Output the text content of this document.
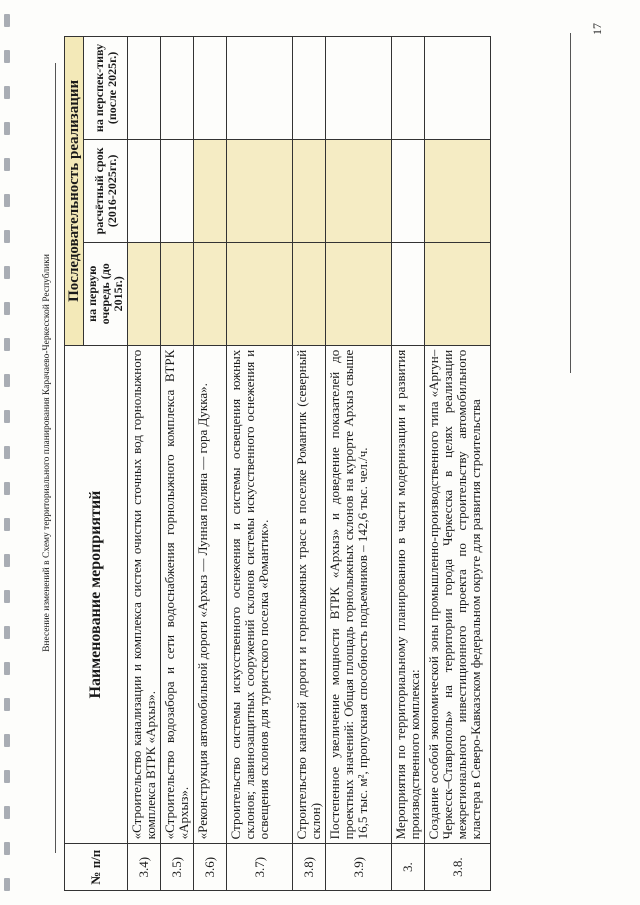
Внесение изменений в Схему территориального планирования Карачаево-Черкесской Республики
№ п/п	Наименование мероприятий	Последовательность реализации		
		на первую очередь (до 2015г.)	расчётный срок (2016-2025гг.)	на перспек-тиву (после 2025г.)
3.4)	«Строительство канализации и комплекса систем очистки сточных вод горнолыжного комплекса ВТРК «Архыз».			
3.5)	«Строительство водозабора и сети водоснабжения горнолыжного комплекса ВТРК «Архыз».			
3.6)	«Реконструкция автомобильной дороги «Архыз — Лунная поляна — гора Дукка».			
3.7)	Строительство системы искусственного оснежения и системы освещения южных склонов; лавинозащитных сооружений склонов системы искусственного оснежения и освещения склонов для туристского поселка «Романтик».			
3.8)	Строительство канатной дороги и горнолыжных трасс в поселке Романтик (северный склон)			
3.9)	Постепенное увеличение мощности ВТРК «Архыз» и доведение показателей до проектных значений: Общая площадь горнолыжных склонов на курорте Архыз свыше 16,5 тыс. м², пропускная способность подъемников – 142,6 тыс. чел./ч.			
3.	Мероприятия по территориальному планированию в части модернизации и развития производственного комплекса:			
3.8.	Создание особой экономической зоны промышленно-производственного типа «Аргун–Черкесск–Ставрополь» на территории города Черкесска в целях реализации межрегионального инвестиционного проекта по строительству автомобильного кластера в Северо-Кавказском федеральном округе для развития строительства			
17
